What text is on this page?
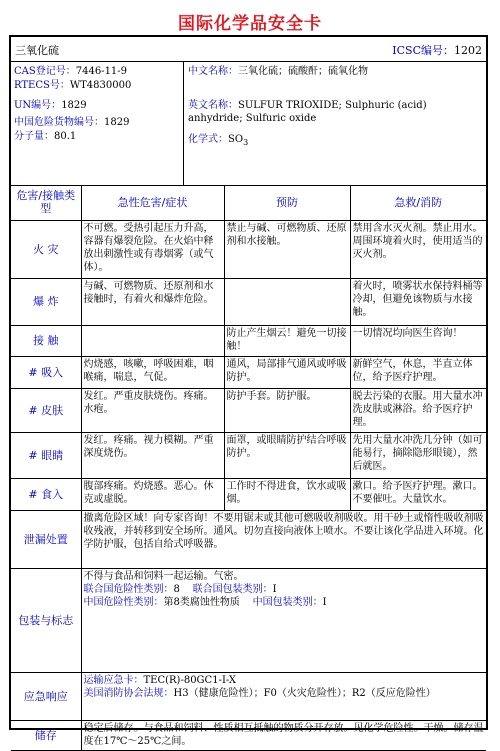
国际化学品安全卡
三氧化硫	ICSC编号：1202
CAS登记号：7446-11-9
RTECS号：WT4830000
UN编号：1829
中国危险货物编号：1829
分子量：80.1
中文名称：三氧化硫；硫酸酐；硫氧化物
英文名称：SULFUR TRIOXIDE; Sulphuric (acid) anhydride; Sulfuric oxide
化学式：$SO_3$
危害/接触类型	急性危害/症状	预防	急救/消防
火 灾	不可燃。受热引起压力升高，容器有爆裂危险。在火焰中释放出刺激性或有毒烟雾（或气体）。	禁止与碱、可燃物质、还原剂和水接触。	禁用含水灭火剂。禁止用水。周围环境着火时，使用适当的灭火剂。
爆 炸	与碱、可燃物质、还原剂和水接触时，有着火和爆炸危险。		着火时，喷雾状水保持料桶等冷却，但避免该物质与水接触。
接 触		防止产生烟云！避免一切接触！	一切情况均向医生咨询！
# 吸入	灼烧感，咳嗽，呼吸困难，咽喉痛，喘息，气促。	通风，局部排气通风或呼吸防护。	新鲜空气，休息，半直立体位，给予医疗护理。
# 皮肤	发红。严重皮肤烧伤。疼痛。水疱。	防护手套。防护服。	脱去污染的衣服。用大量水冲洗皮肤或淋浴。给予医疗护理。
# 眼睛	发红。疼痛。视力模糊。严重深度烧伤。	面罩，或眼睛防护结合呼吸防护。	先用大量水冲洗几分钟（如可能易行，摘除隐形眼镜），然后就医。
# 食入	腹部疼痛。灼烧感。恶心。休克或虚脱。	工作时不得进食，饮水或吸烟。	漱口。给予医疗护理。漱口。不要催吐。大量饮水。
泄漏处置	撤离危险区域！向专家咨询！不要用锯末或其他可燃吸收剂吸收。用干砂土或惰性吸收剂吸收残液，并转移到安全场所。通风。切勿直接向液体上喷水。不要让该化学品进入环境。化学防护服，包括自给式呼吸器。		
包装与标志	不得与食品和饲料一起运输。气密。
联合国危险性类别：8 联合国包装类别：I
中国危险性类别：第8类腐蚀性物质 中国包装类别：I		

应急响应	运输应急卡：TEC(R)-80GC1-I-X
美国消防协会法规：H3（健康危险性）；F0（火灾危险性）；R2（反应危险性）		

储存	稳定后储存。与食品和饲料、性质相互抵触的物质分开存放。见化学危险性。干燥。储存温度在17℃～25℃之间。		
